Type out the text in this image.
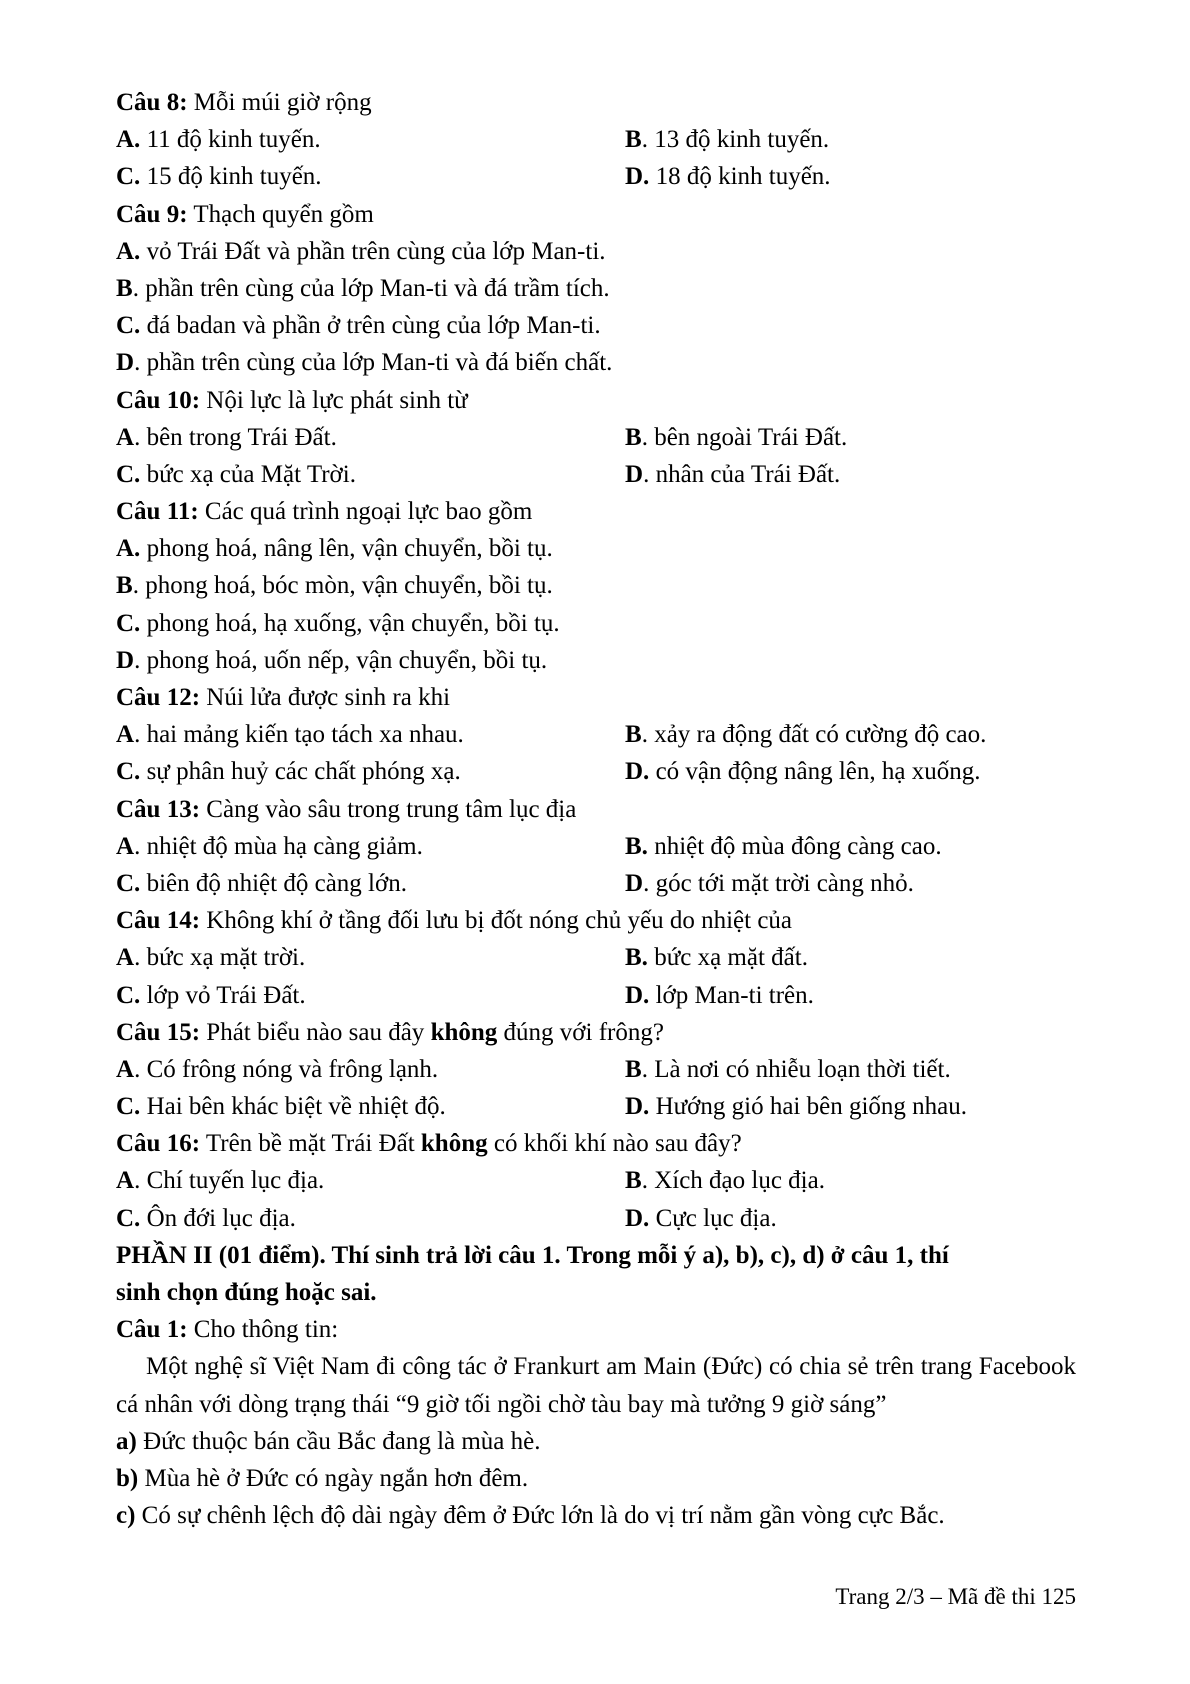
Câu 8: Mỗi múi giờ rộng
A. 11 độ kinh tuyến.	B. 13 độ kinh tuyến.
C. 15 độ kinh tuyến.	D. 18 độ kinh tuyến.
Câu 9: Thạch quyển gồm
A. vỏ Trái Đất và phần trên cùng của lớp Man-ti.
B. phần trên cùng của lớp Man-ti và đá trầm tích.
C. đá badan và phần ở trên cùng của lớp Man-ti.
D. phần trên cùng của lớp Man-ti và đá biến chất.
Câu 10: Nội lực là lực phát sinh từ
A. bên trong Trái Đất.	B. bên ngoài Trái Đất.
C. bức xạ của Mặt Trời.	D. nhân của Trái Đất.
Câu 11: Các quá trình ngoại lực bao gồm
A. phong hoá, nâng lên, vận chuyển, bồi tụ.
B. phong hoá, bóc mòn, vận chuyển, bồi tụ.
C. phong hoá, hạ xuống, vận chuyển, bồi tụ.
D. phong hoá, uốn nếp, vận chuyển, bồi tụ.
Câu 12: Núi lửa được sinh ra khi
A. hai mảng kiến tạo tách xa nhau.	B. xảy ra động đất có cường độ cao.
C. sự phân huỷ các chất phóng xạ.	D. có vận động nâng lên, hạ xuống.
Câu 13: Càng vào sâu trong trung tâm lục địa
A. nhiệt độ mùa hạ càng giảm.	B. nhiệt độ mùa đông càng cao.
C. biên độ nhiệt độ càng lớn.	D. góc tới mặt trời càng nhỏ.
Câu 14: Không khí ở tầng đối lưu bị đốt nóng chủ yếu do nhiệt của
A. bức xạ mặt trời.	B. bức xạ mặt đất.
C. lớp vỏ Trái Đất.	D. lớp Man-ti trên.
Câu 15: Phát biểu nào sau đây không đúng với frông?
A. Có frông nóng và frông lạnh.	B. Là nơi có nhiễu loạn thời tiết.
C. Hai bên khác biệt về nhiệt độ.	D. Hướng gió hai bên giống nhau.
Câu 16: Trên bề mặt Trái Đất không có khối khí nào sau đây?
A. Chí tuyến lục địa.	B. Xích đạo lục địa.
C. Ôn đới lục địa.	D. Cực lục địa.
PHẦN II (01 điểm). Thí sinh trả lời câu 1. Trong mỗi ý a), b), c), d) ở câu 1, thí
sinh chọn đúng hoặc sai.
Câu 1: Cho thông tin:
Một nghệ sĩ Việt Nam đi công tác ở Frankurt am Main (Đức) có chia sẻ trên trang Facebook cá nhân với dòng trạng thái “9 giờ tối ngồi chờ tàu bay mà tưởng 9 giờ sáng”
a) Đức thuộc bán cầu Bắc đang là mùa hè.
b) Mùa hè ở Đức có ngày ngắn hơn đêm.
c) Có sự chênh lệch độ dài ngày đêm ở Đức lớn là do vị trí nằm gần vòng cực Bắc.
Trang 2/3 – Mã đề thi 125
